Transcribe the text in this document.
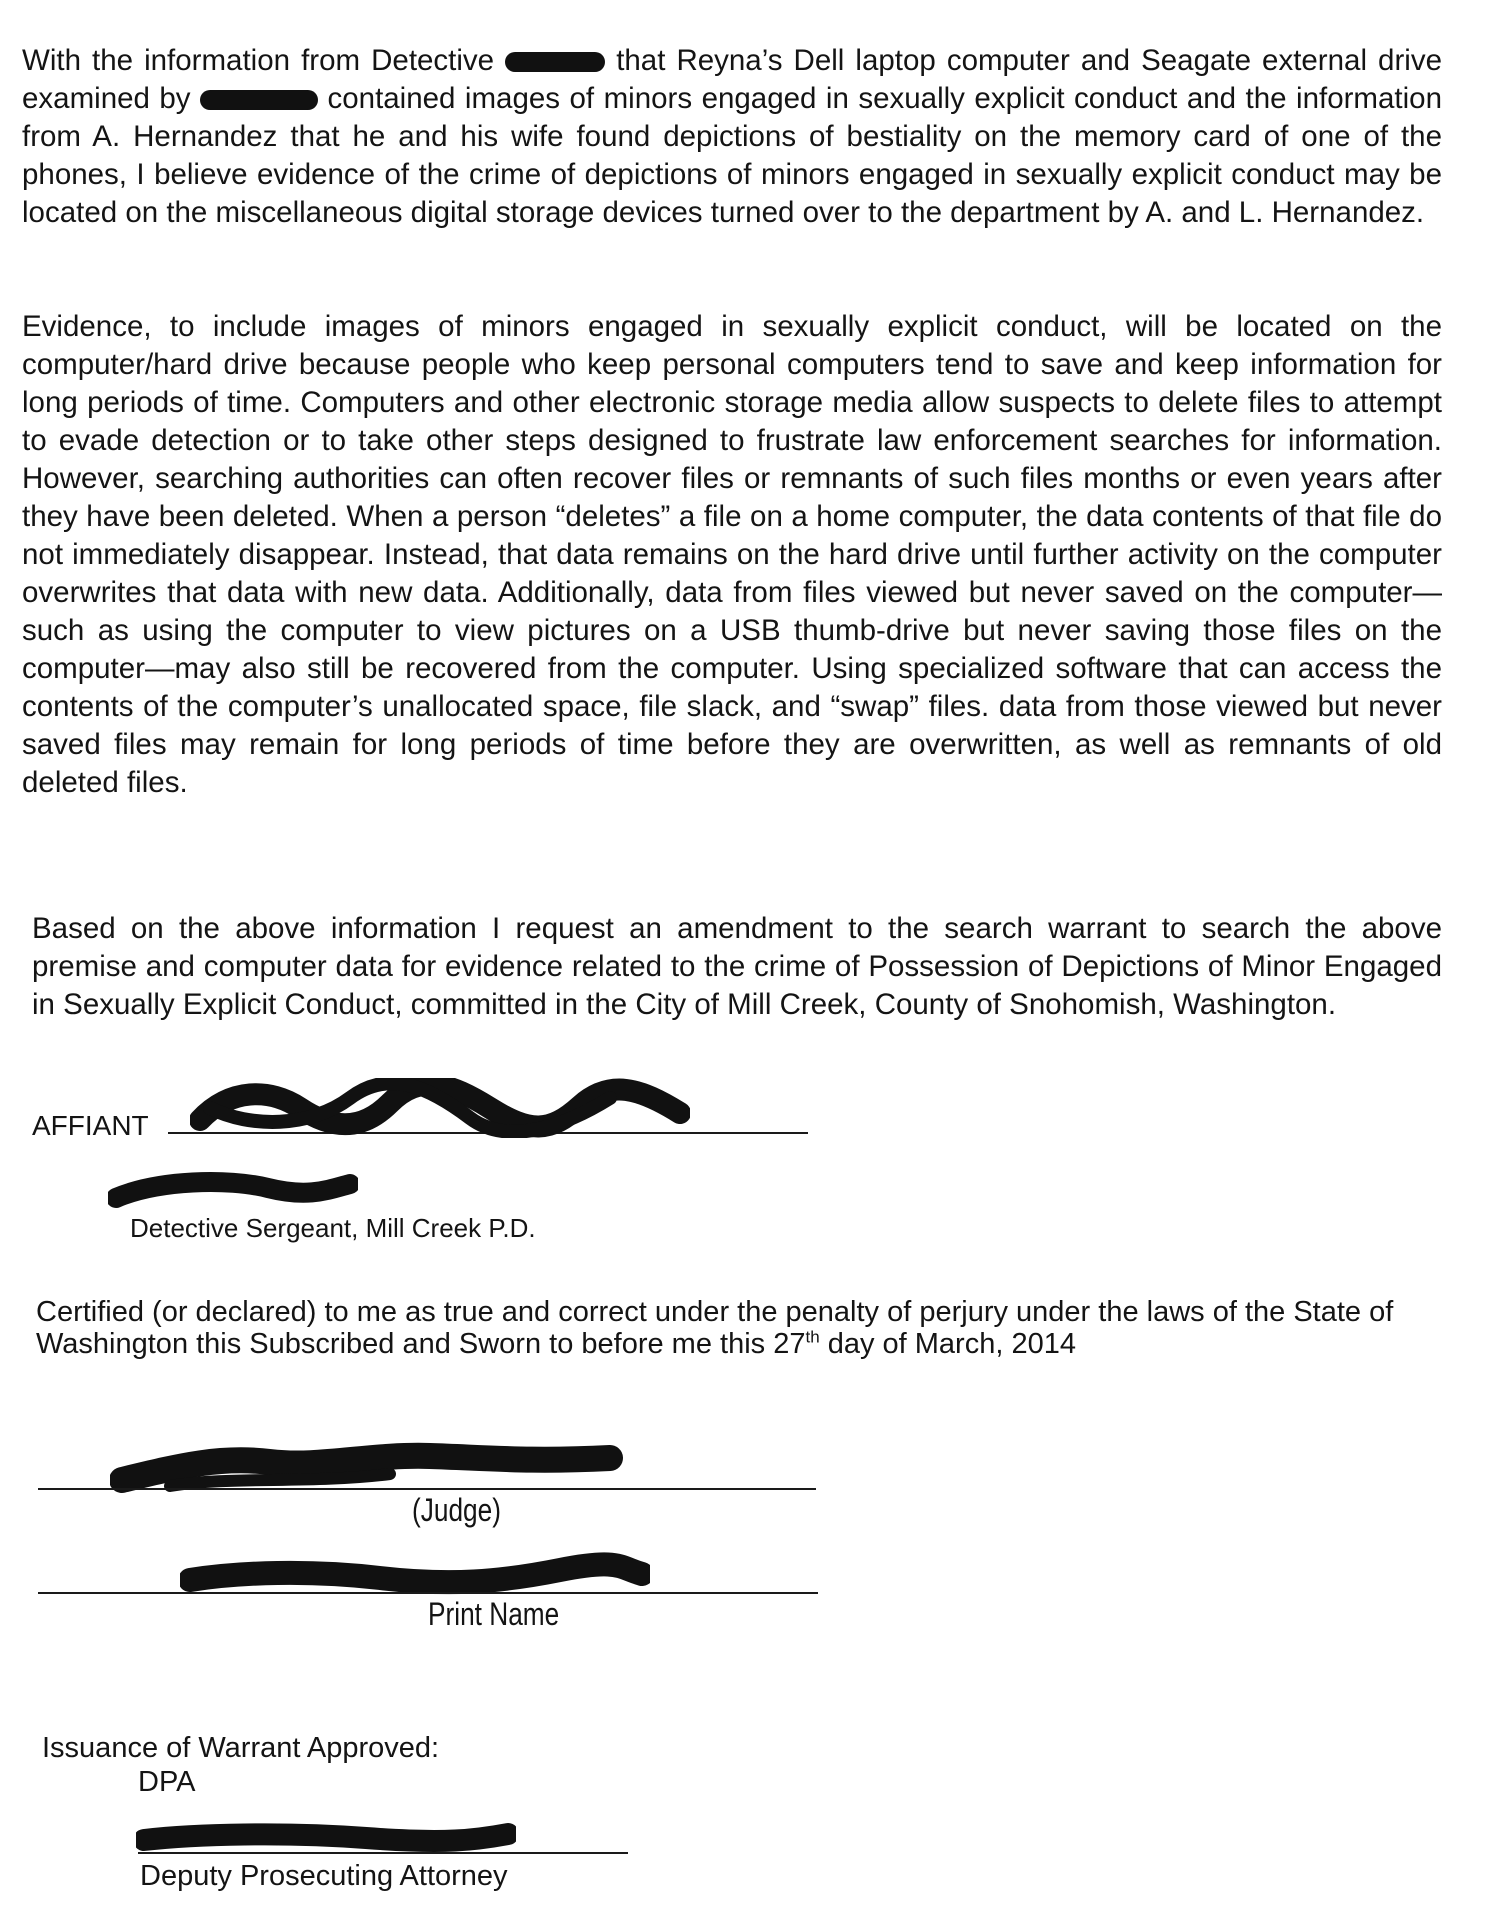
With the information from Detective	that Reyna’s Dell laptop computer and Seagate external drive examined by	contained images of minors engaged in sexually explicit conduct and the information from A. Hernandez that he and his wife found depictions of bestiality on the memory card of one of the phones, I believe evidence of the crime of depictions of minors engaged in sexually explicit conduct may be located on the miscellaneous digital storage devices turned over to the department by A. and L. Hernandez.

Evidence, to include images of minors engaged in sexually explicit conduct, will be located on the computer/hard drive because people who keep personal computers tend to save and keep information for long periods of time. Computers and other electronic storage media allow suspects to delete files to attempt to evade detection or to take other steps designed to frustrate law enforcement searches for information. However, searching authorities can often recover files or remnants of such files months or even years after they have been deleted. When a person “deletes” a file on a home computer, the data contents of that file do not immediately disappear. Instead, that data remains on the hard drive until further activity on the computer overwrites that data with new data. Additionally, data from files viewed but never saved on the computer—such as using the computer to view pictures on a USB thumb-drive but never saving those files on the computer—may also still be recovered from the computer. Using specialized software that can access the contents of the computer’s unallocated space, file slack, and “swap” files. data from those viewed but never saved files may remain for long periods of time before they are overwritten, as well as remnants of old deleted files.

Based on the above information I request an amendment to the search warrant to search the above premise and computer data for evidence related to the crime of Possession of Depictions of Minor Engaged in Sexually Explicit Conduct, committed in the City of Mill Creek, County of Snohomish, Washington.

AFFIANT
Detective Sergeant, Mill Creek P.D.

Certified (or declared) to me as true and correct under the penalty of perjury under the laws of the State of Washington this Subscribed and Sworn to before me this 27th day of March, 2014

(Judge)
Print Name
Issuance of Warrant Approved:
DPA
Deputy Prosecuting Attorney
